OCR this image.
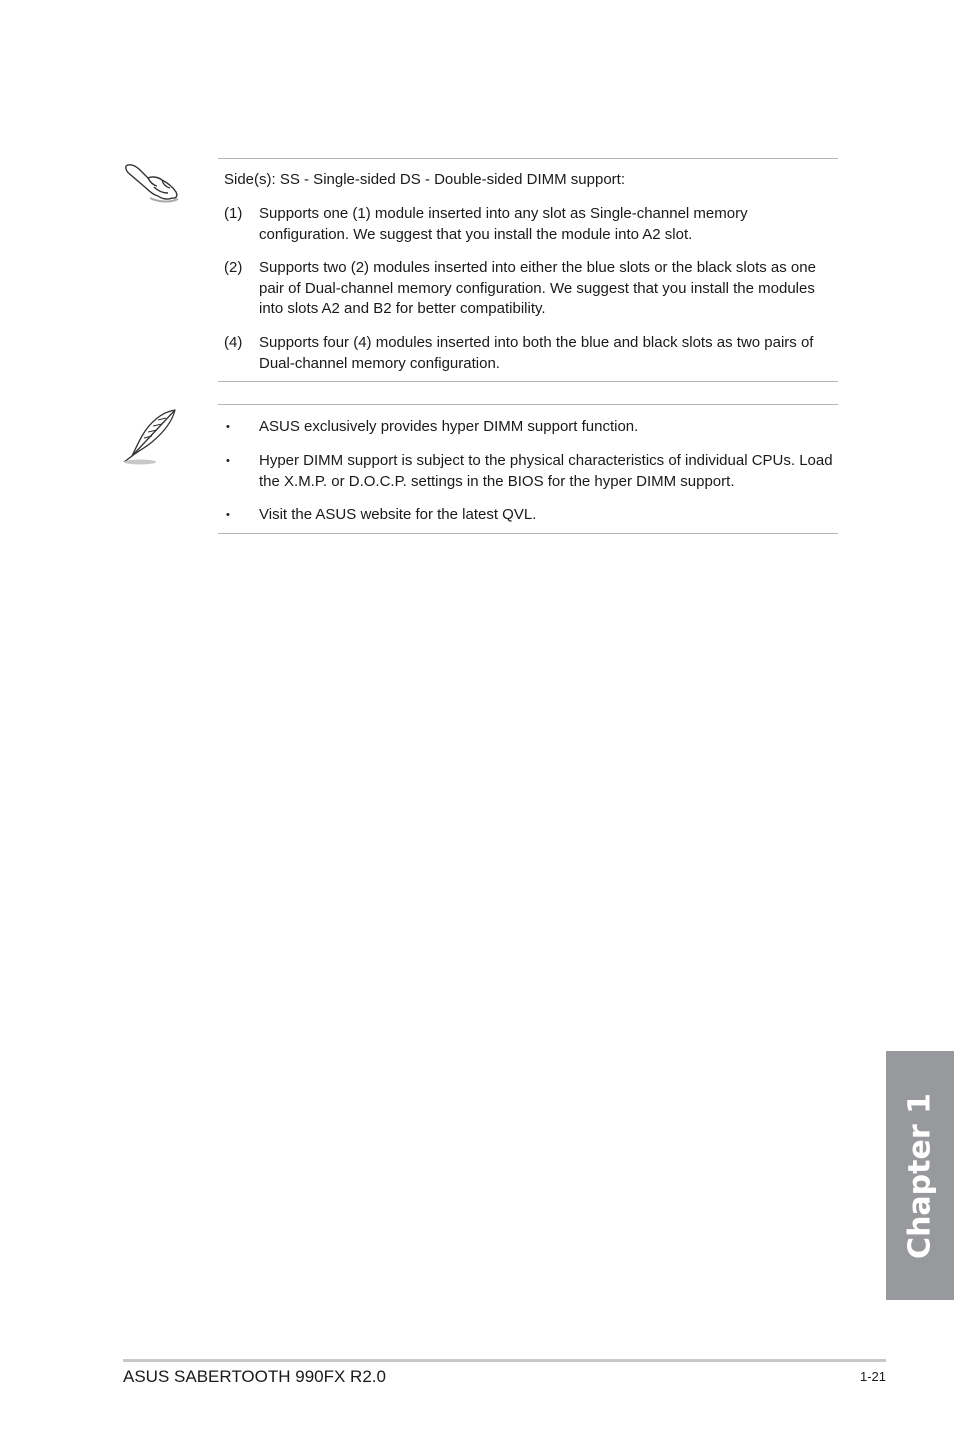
Side(s): SS - Single-sided DS - Double-sided DIMM support:
(1) Supports one (1) module inserted into any slot as Single-channel memory configuration. We suggest that you install the module into A2 slot.
(2) Supports two (2) modules inserted into either the blue slots or the black slots as one pair of Dual-channel memory configuration. We suggest that you install the modules into slots A2 and B2 for better compatibility.
(4) Supports four (4) modules inserted into both the blue and black slots as two pairs of Dual-channel memory configuration.
• ASUS exclusively provides hyper DIMM support function.
• Hyper DIMM support is subject to the physical characteristics of individual CPUs. Load the X.M.P. or D.O.C.P. settings in the BIOS for the hyper DIMM support.
• Visit the ASUS website for the latest QVL.
Chapter 1
ASUS SABERTOOTH 990FX R2.0	1-21
